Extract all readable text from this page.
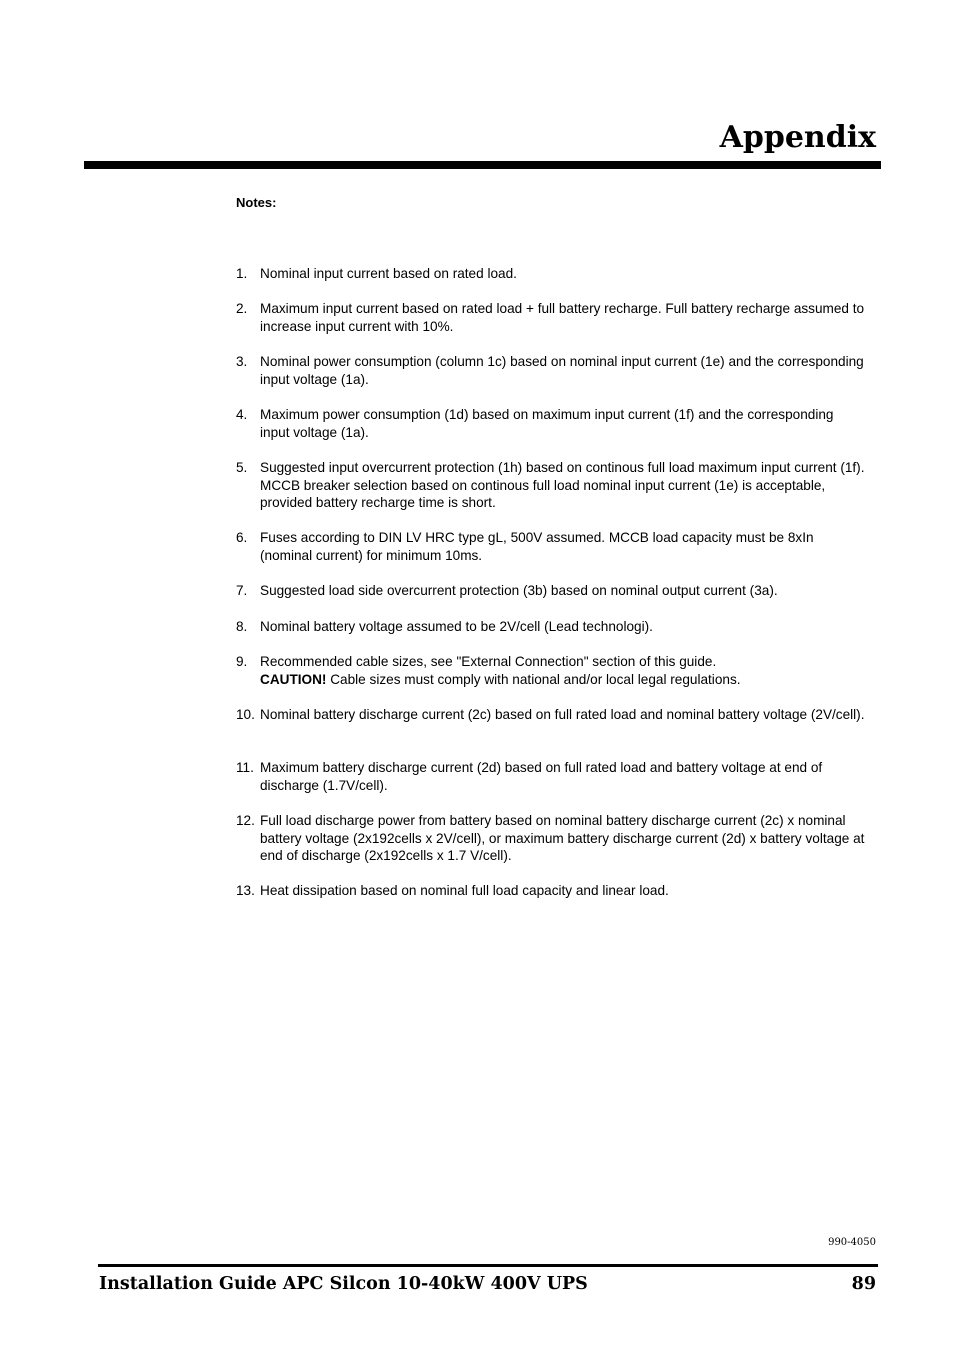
Appendix
Notes:
1. Nominal input current based on rated load.
2. Maximum input current based on rated load + full battery recharge. Full battery recharge assumed to increase input current with 10%.
3. Nominal power consumption (column 1c) based on nominal input current (1e) and the corresponding input voltage (1a).
4. Maximum power consumption (1d) based on maximum input current (1f) and the corresponding input voltage (1a).
5. Suggested input overcurrent protection (1h) based on continous full load maximum input current (1f). MCCB breaker selection based on continous full load nominal input current (1e) is acceptable, provided battery recharge time is short.
6. Fuses according to DIN LV HRC type gL, 500V assumed. MCCB load capacity must be 8xIn (nominal current) for minimum 10ms.
7. Suggested load side overcurrent protection (3b) based on nominal output current (3a).
8. Nominal battery voltage assumed to be 2V/cell (Lead technologi).
9. Recommended cable sizes, see "External Connection" section of this guide.
CAUTION! Cable sizes must comply with national and/or local legal regulations.
10. Nominal battery discharge current (2c) based on full rated load and nominal battery voltage (2V/cell).
11. Maximum battery discharge current (2d) based on full rated load and battery voltage at end of discharge (1.7V/cell).
12. Full load discharge power from battery based on nominal battery discharge current (2c) x nominal battery voltage (2x192cells x 2V/cell), or maximum battery discharge current (2d) x battery voltage at end of discharge (2x192cells x 1.7 V/cell).
13. Heat dissipation based on nominal full load capacity and linear load.
990-4050
Installation Guide APC Silcon 10-40kW 400V UPS	89
